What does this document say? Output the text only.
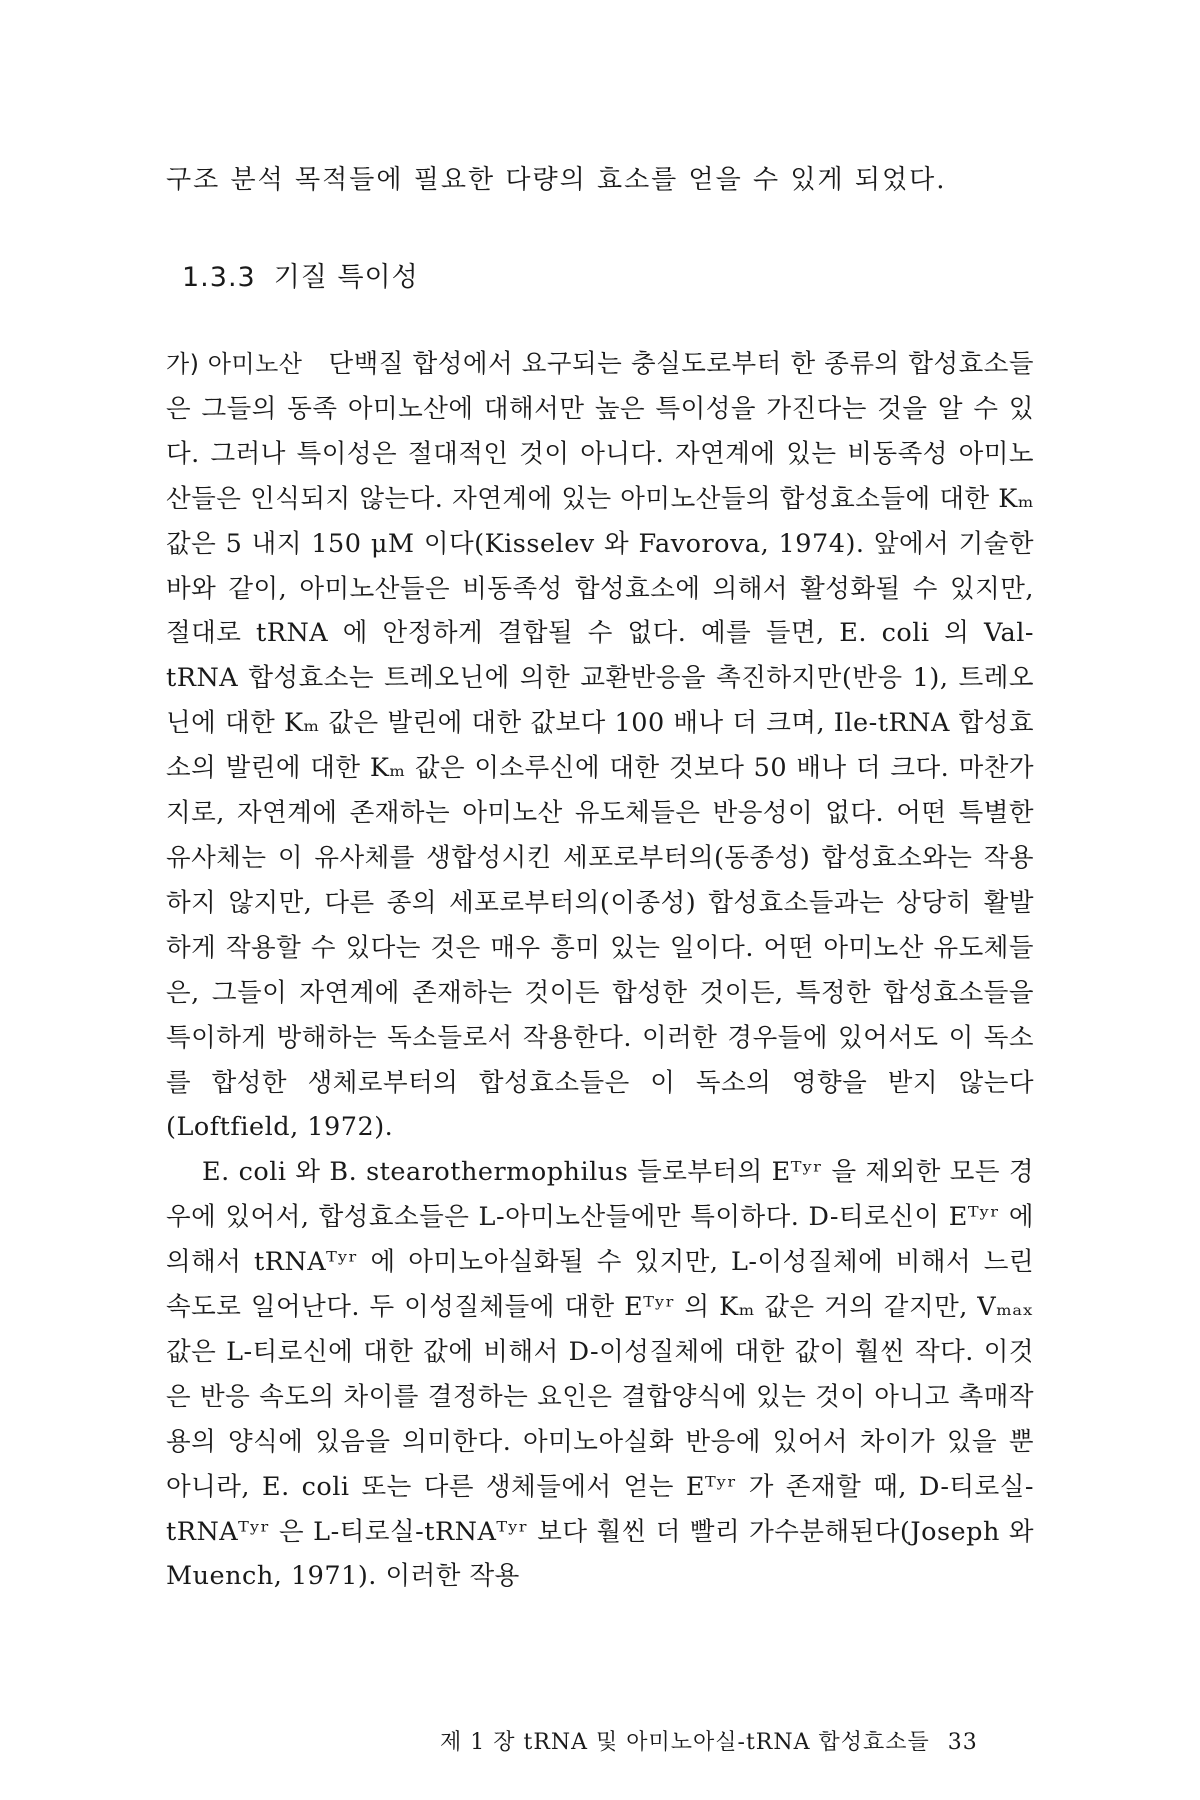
구조 분석 목적들에 필요한 다량의 효소를 얻을 수 있게 되었다.

1.3.3 기질 특이성

가) 아미노산 단백질 합성에서 요구되는 충실도로부터 한 종류의 합성효소들은 그들의 동족 아미노산에 대해서만 높은 특이성을 가진다는 것을 알 수 있다. 그러나 특이성은 절대적인 것이 아니다. 자연계에 있는 비동족성 아미노산들은 인식되지 않는다. 자연계에 있는 아미노산들의 합성효소들에 대한 Kₘ 값은 5 내지 150 μM 이다(Kisselev 와 Favorova, 1974). 앞에서 기술한 바와 같이, 아미노산들은 비동족성 합성효소에 의해서 활성화될 수 있지만, 절대로 tRNA 에 안정하게 결합될 수 없다. 예를 들면, E. coli 의 Val-tRNA 합성효소는 트레오닌에 의한 교환반응을 촉진하지만(반응 1), 트레오닌에 대한 Kₘ 값은 발린에 대한 값보다 100 배나 더 크며, Ile-tRNA 합성효소의 발린에 대한 Kₘ 값은 이소루신에 대한 것보다 50 배나 더 크다. 마찬가지로, 자연계에 존재하는 아미노산 유도체들은 반응성이 없다. 어떤 특별한 유사체는 이 유사체를 생합성시킨 세포로부터의(동종성) 합성효소와는 작용하지 않지만, 다른 종의 세포로부터의(이종성) 합성효소들과는 상당히 활발하게 작용할 수 있다는 것은 매우 흥미 있는 일이다. 어떤 아미노산 유도체들은, 그들이 자연계에 존재하는 것이든 합성한 것이든, 특정한 합성효소들을 특이하게 방해하는 독소들로서 작용한다. 이러한 경우들에 있어서도 이 독소를 합성한 생체로부터의 합성효소들은 이 독소의 영향을 받지 않는다(Loftfield, 1972).

E. coli 와 B. stearothermophilus 들로부터의 Eᵀʸʳ 을 제외한 모든 경우에 있어서, 합성효소들은 L-아미노산들에만 특이하다. D-티로신이 Eᵀʸʳ 에 의해서 tRNAᵀʸʳ 에 아미노아실화될 수 있지만, L-이성질체에 비해서 느린 속도로 일어난다. 두 이성질체들에 대한 Eᵀʸʳ 의 Kₘ 값은 거의 같지만, Vₘₐₓ 값은 L-티로신에 대한 값에 비해서 D-이성질체에 대한 값이 훨씬 작다. 이것은 반응 속도의 차이를 결정하는 요인은 결합양식에 있는 것이 아니고 촉매작용의 양식에 있음을 의미한다. 아미노아실화 반응에 있어서 차이가 있을 뿐 아니라, E. coli 또는 다른 생체들에서 얻는 Eᵀʸʳ 가 존재할 때, D-티로실-tRNAᵀʸʳ 은 L-티로실-tRNAᵀʸʳ 보다 훨씬 더 빨리 가수분해된다(Joseph 와 Muench, 1971). 이러한 작용

제 1 장 tRNA 및 아미노아실-tRNA 합성효소들 33
